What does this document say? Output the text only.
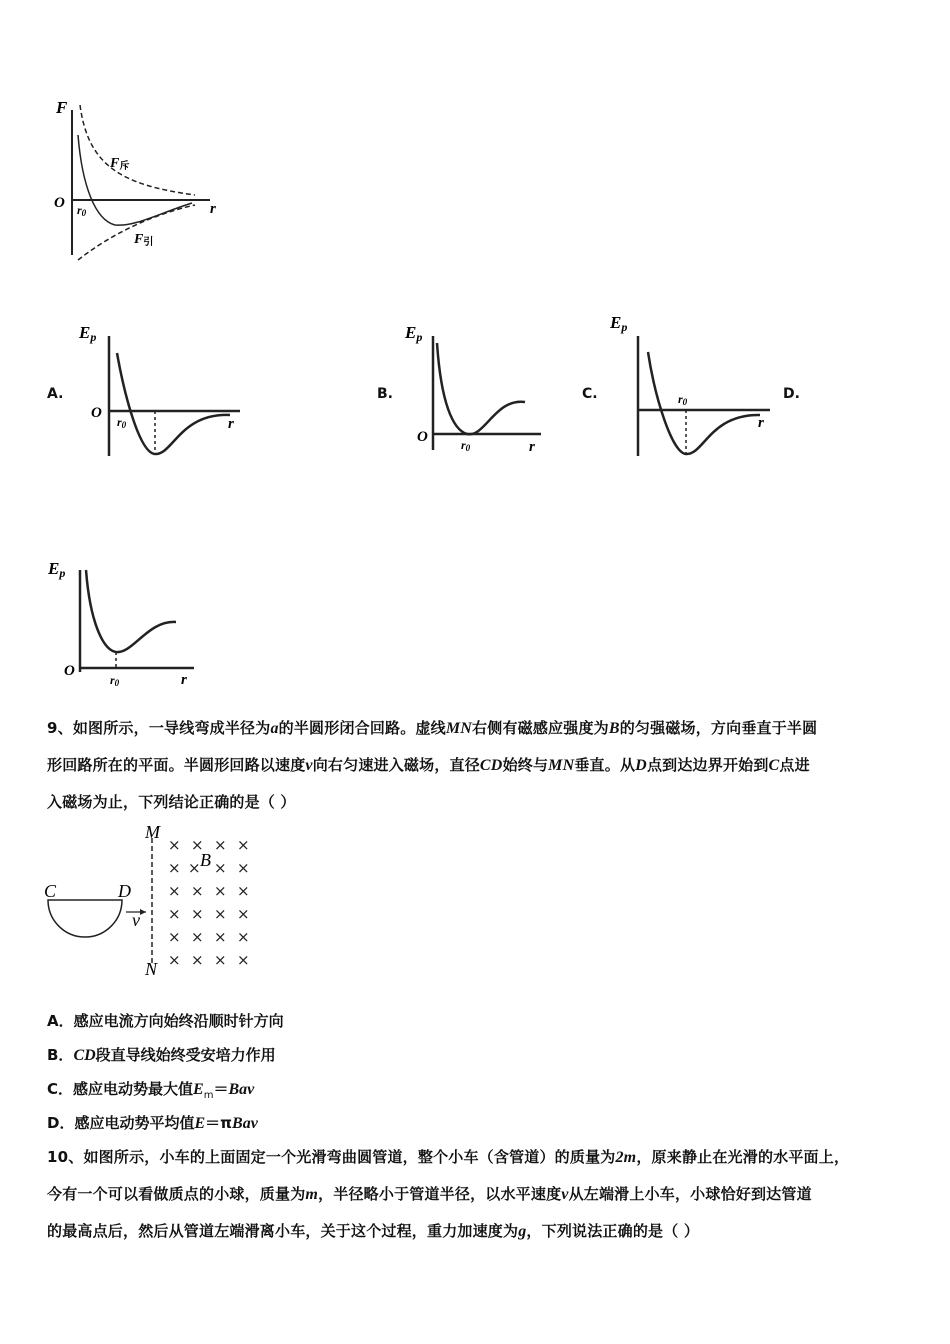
F
O	r
r0
F斥
F引
A.
Ep
O
r0	r
B.
Ep
O	r0	r
C.
Ep
r0
r
D.
Ep
O
r0	r
9、如图所示，一导线弯成半径为a的半圆形闭合回路。虚线MN右侧有磁感应强度为B的匀强磁场，方向垂直于半圆
形回路所在的平面。半圆形回路以速度v向右匀速进入磁场，直径CD始终与MN垂直。从D点到达边界开始到C点进
入磁场为止，下列结论正确的是（ ）
M
N
C	D
v
B
× × × ×
× × × ×
× × × ×
× × × ×
× × × ×
× × × ×
A．感应电流方向始终沿顺时针方向
B．CD段直导线始终受安培力作用
C．感应电动势最大值$E_m=Bav$
D．感应电动势平均值E＝πBav
10、如图所示，小车的上面固定一个光滑弯曲圆管道，整个小车（含管道）的质量为2m，原来静止在光滑的水平面上，
今有一个可以看做质点的小球，质量为m，半径略小于管道半径，以水平速度v从左端滑上小车，小球恰好到达管道
的最高点后，然后从管道左端滑离小车，关于这个过程，重力加速度为g，下列说法正确的是（ ）
